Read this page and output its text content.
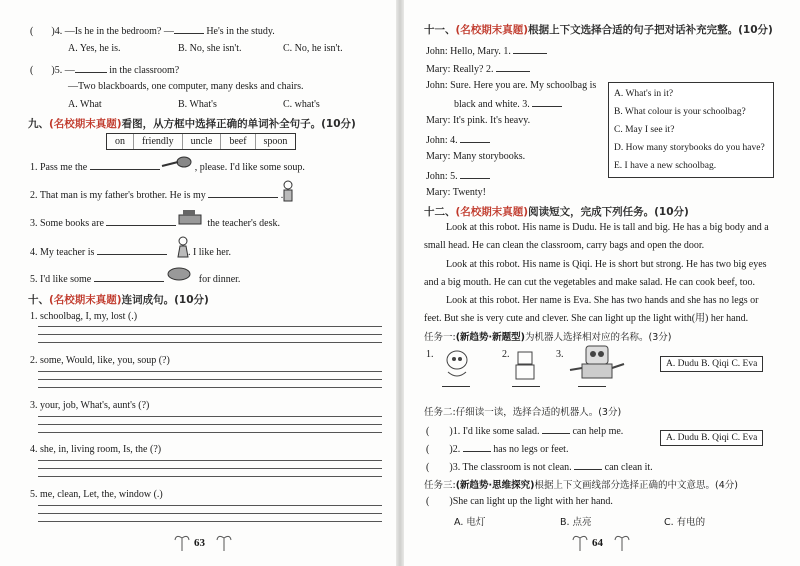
( )4. —Is he in the bedroom? —	He's in the study.
A. Yes, he is.	B. No, she isn't.	C. No, he isn't.
( )5. —	in the classroom?
—Two blackboards, one computer, many desks and chairs.
A. What	B. What's	C. what's
九、(名校期末真题)看图，从方框中选择正确的单词补全句子。(10分)
on	friendly	uncle	beef	spoon
1. Pass me the	, please. I'd like some soup.
2. That man is my father's brother. He is my	.
3. Some books are	the teacher's desk.
4. My teacher is	. I like her.
5. I'd like some	for dinner.
十、(名校期末真题)连词成句。(10分)
1. schoolbag, I, my, lost (.)
2. some, Would, like, you, soup (?)
3. your, job, What's, aunt's (?)
4. she, in, living room, Is, the (?)
5. me, clean, Let, the, window (.)
63
十一、(名校期末真题)根据上下文选择合适的句子把对话补充完整。(10分)
John: Hello, Mary. 1.
Mary: Really? 2.
John: Sure. Here you are. My schoolbag is
black and white. 3.
Mary: It's pink. It's heavy.
John: 4.
Mary: Many storybooks.
John: 5.
Mary: Twenty!
A. What's in it?
B. What colour is your schoolbag?
C. May I see it?
D. How many storybooks do you have?
E. I have a new schoolbag.
十二、(名校期末真题)阅读短文，完成下列任务。(10分)
Look at this robot. His name is Dudu. He is tall and big. He has a big body and a
small head. He can clean the classroom, carry bags and open the door.
Look at this robot. His name is Qiqi. He is short but strong. He has two big eyes
and a big mouth. He can cut the vegetables and make salad. He can cook beef, too.
Look at this robot. Her name is Eva. She has two hands and she has no legs or
feet. But she is very cute and clever. She can light up the light with(用) her hand.
任务一:(新趋势·新题型)为机器人选择相对应的名称。(3分)
1.	2.	3.
A. Dudu B. Qiqi C. Eva
任务二:仔细读一读，选择合适的机器人。(3分)
( )1. I'd like some salad.	can help me.
( )2.	has no legs or feet.
( )3. The classroom is not clean.	can clean it.
A. Dudu B. Qiqi C. Eva
任务三:(新趋势·思维探究)根据上下文画线部分选择正确的中文意思。(4分)
( )She can light up the light with her hand.
A. 电灯	B. 点亮	C. 有电的
64
